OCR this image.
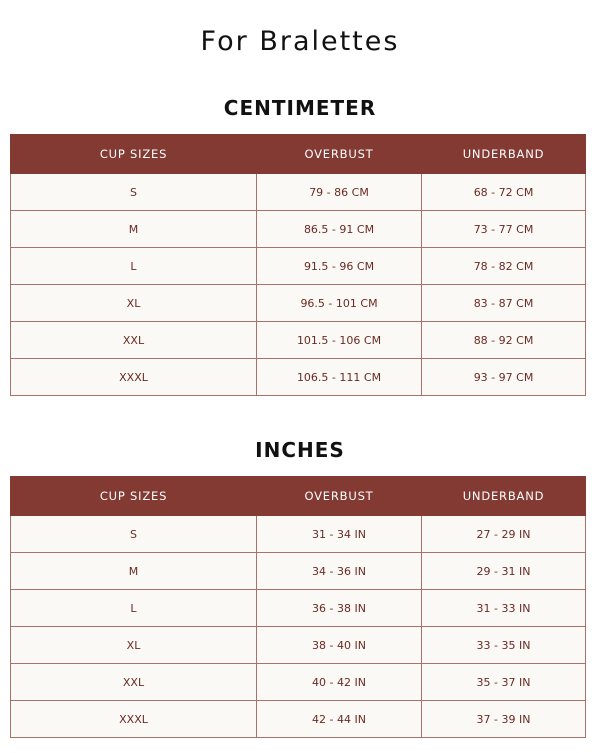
For Bralettes
CENTIMETER
CUP SIZES	OVERBUST	UNDERBAND
S	79 - 86 CM	68 - 72 CM
M	86.5 - 91 CM	73 - 77 CM
L	91.5 - 96 CM	78 - 82 CM
XL	96.5 - 101 CM	83 - 87 CM
XXL	101.5 - 106 CM	88 - 92 CM
XXXL	106.5 - 111 CM	93 - 97 CM
INCHES
CUP SIZES	OVERBUST	UNDERBAND
S	31 - 34 IN	27 - 29 IN
M	34 - 36 IN	29 - 31 IN
L	36 - 38 IN	31 - 33 IN
XL	38 - 40 IN	33 - 35 IN
XXL	40 - 42 IN	35 - 37 IN
XXXL	42 - 44 IN	37 - 39 IN
